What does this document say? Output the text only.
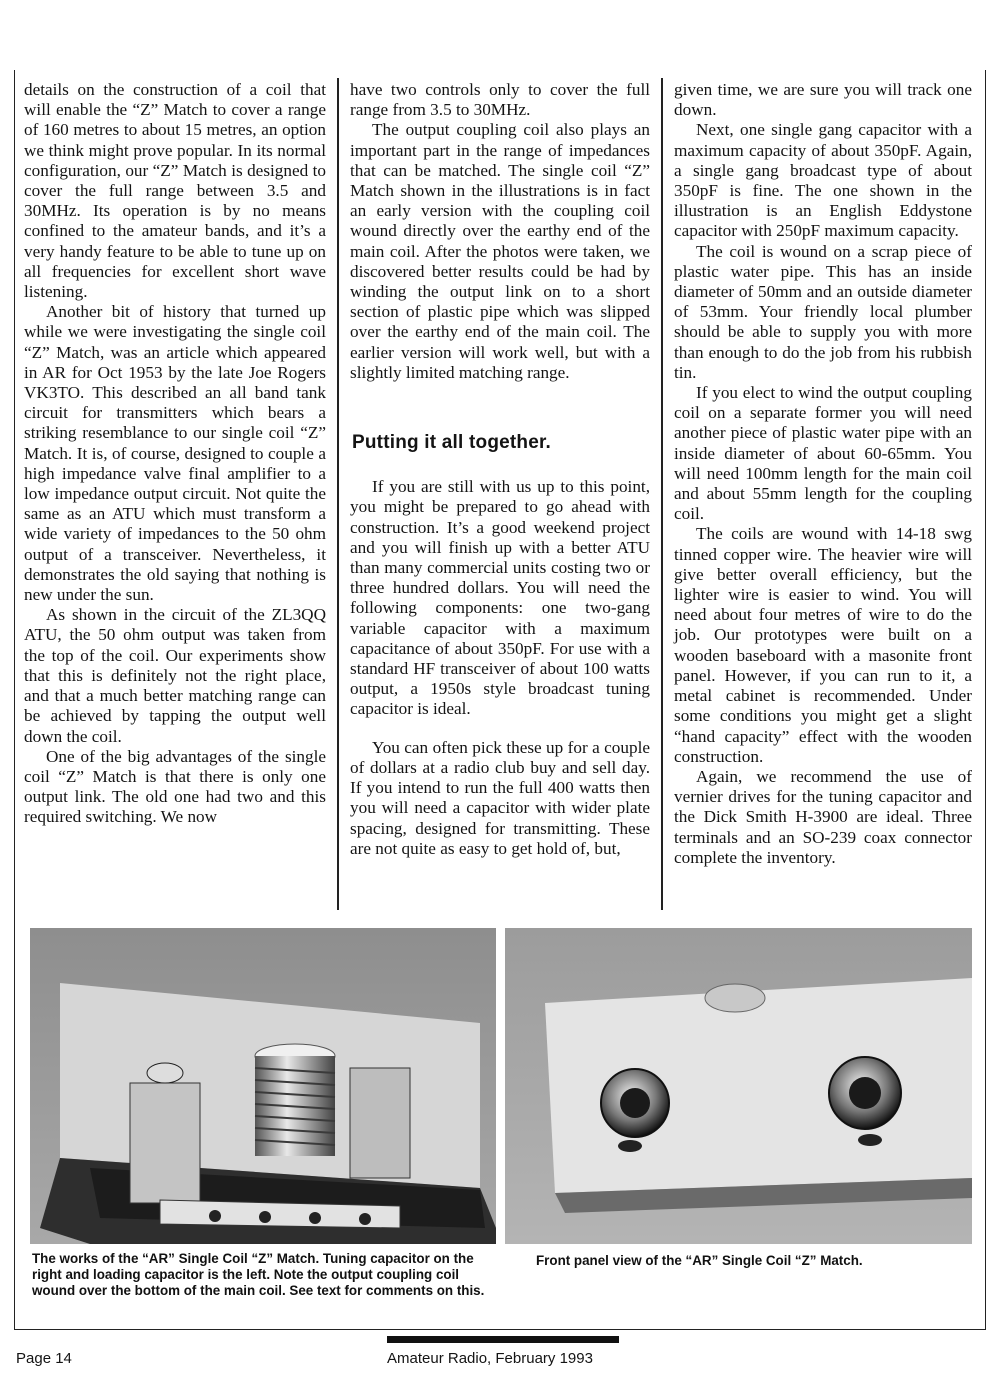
details on the construction of a coil that will enable the “Z” Match to cover a range of 160 metres to about 15 metres, an option we think might prove popular. In its normal configuration, our “Z” Match is designed to cover the full range between 3.5 and 30MHz. Its operation is by no means confined to the amateur bands, and it’s a very handy feature to be able to tune up on all frequencies for excellent short wave listening.

Another bit of history that turned up while we were investigating the single coil “Z” Match, was an article which appeared in AR for Oct 1953 by the late Joe Rogers VK3TO. This described an all band tank circuit for transmitters which bears a striking resemblance to our single coil “Z” Match. It is, of course, designed to couple a high impedance valve final amplifier to a low impedance output circuit. Not quite the same as an ATU which must transform a wide variety of impedances to the 50 ohm output of a transceiver. Nevertheless, it demonstrates the old saying that nothing is new under the sun.

As shown in the circuit of the ZL3QQ ATU, the 50 ohm output was taken from the top of the coil. Our experiments show that this is definitely not the right place, and that a much better matching range can be achieved by tapping the output well down the coil.

One of the big advantages of the single coil “Z” Match is that there is only one output link. The old one had two and this required switching. We now

have two controls only to cover the full range from 3.5 to 30MHz.

The output coupling coil also plays an important part in the range of impedances that can be matched. The single coil “Z” Match shown in the illustrations is in fact an early version with the coupling coil wound directly over the earthy end of the main coil. After the photos were taken, we discovered better results could be had by winding the output link on to a short section of plastic pipe which was slipped over the earthy end of the main coil. The earlier version will work well, but with a slightly limited matching range.

Putting it all together.

If you are still with us up to this point, you might be prepared to go ahead with construction. It’s a good weekend project and you will finish up with a better ATU than many commercial units costing two or three hundred dollars. You will need the following components: one two-gang variable capacitor with a maximum capacitance of about 350pF. For use with a standard HF transceiver of about 100 watts output, a 1950s style broadcast tuning capacitor is ideal.

You can often pick these up for a couple of dollars at a radio club buy and sell day. If you intend to run the full 400 watts then you will need a capacitor with wider plate spacing, designed for transmitting. These are not quite as easy to get hold of, but,

given time, we are sure you will track one down.

Next, one single gang capacitor with a maximum capacity of about 350pF. Again, a single gang broadcast type of about 350pF is fine. The one shown in the illustration is an English Eddystone capacitor with 250pF maximum capacity.

The coil is wound on a scrap piece of plastic water pipe. This has an inside diameter of 50mm and an outside diameter of 53mm. Your friendly local plumber should be able to supply you with more than enough to do the job from his rubbish tin.

If you elect to wind the output coupling coil on a separate former you will need another piece of plastic water pipe with an inside diameter of about 60-65mm. You will need 100mm length for the main coil and about 55mm length for the coupling coil.

The coils are wound with 14-18 swg tinned copper wire. The heavier wire will give better overall efficiency, but the lighter wire is easier to wind. You will need about four metres of wire to do the job. Our prototypes were built on a wooden baseboard with a masonite front panel. However, if you can run to it, a metal cabinet is recommended. Under some conditions you might get a slight “hand capacity” effect with the wooden construction.

Again, we recommend the use of vernier drives for the tuning capacitor and the Dick Smith H-3900 are ideal. Three terminals and an SO-239 coax connector complete the inventory.

The works of the “AR” Single Coil “Z” Match. Tuning capacitor on the right and loading capacitor is the left. Note the output coupling coil wound over the bottom of the main coil. See text for comments on this.
Front panel view of the “AR” Single Coil “Z” Match.
Page 14	Amateur Radio, February 1993
